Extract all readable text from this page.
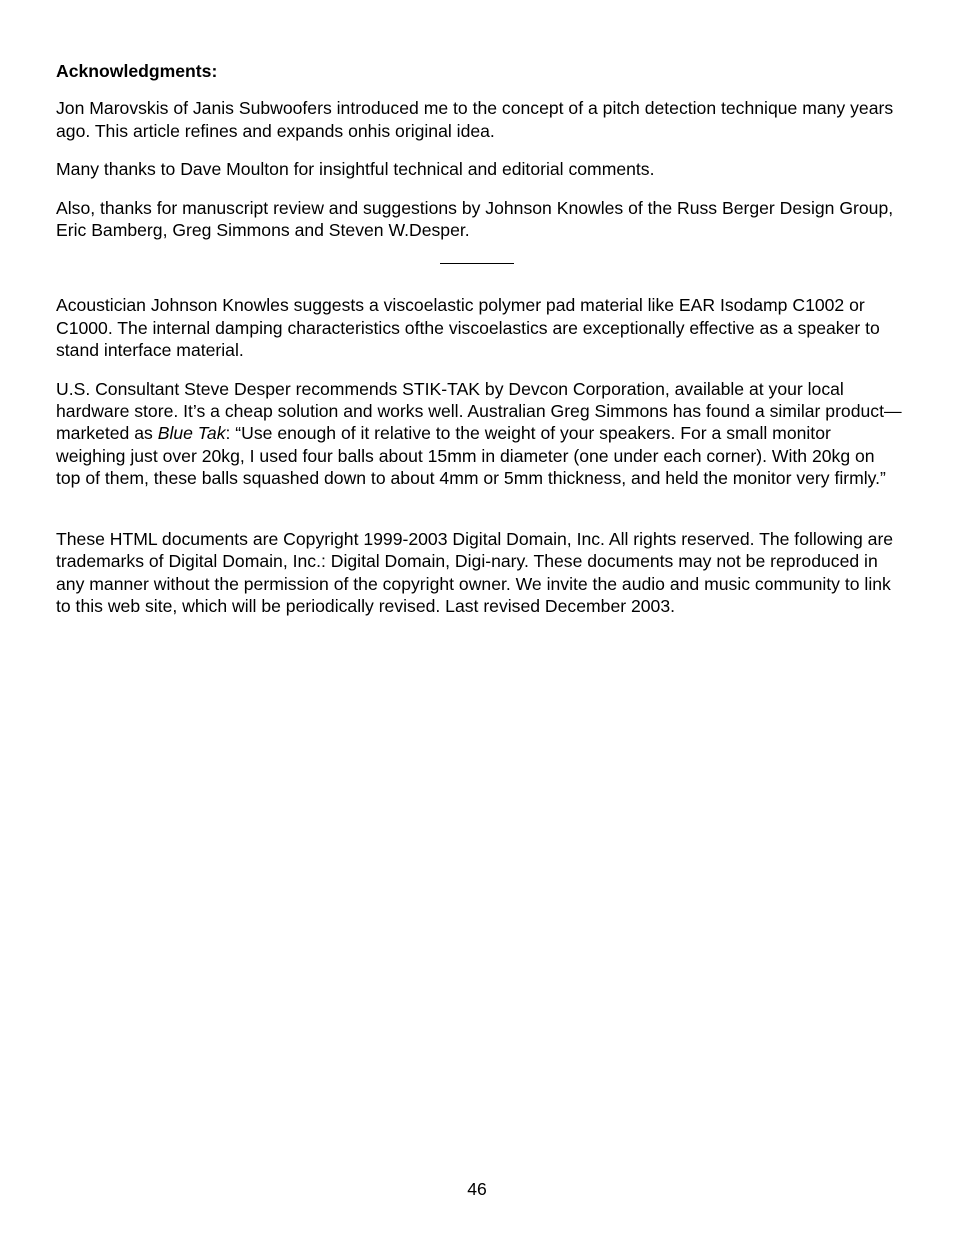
Acknowledgments:

Jon Marovskis of Janis Subwoofers introduced me to the concept of a pitch detection technique many years ago. This article refines and expands onhis original idea.

Many thanks to Dave Moulton for insightful technical and editorial comments.

Also, thanks for manuscript review and suggestions by Johnson Knowles of the Russ Berger Design Group, Eric Bamberg, Greg Simmons and Steven W.Desper.

Acoustician Johnson Knowles suggests a viscoelastic polymer pad material like EAR Isodamp C1002 or C1000. The internal damping characteristics ofthe viscoelastics are exceptionally effective as a speaker to stand interface material.

U.S. Consultant Steve Desper recommends STIK-TAK by Devcon Corporation, available at your local hardware store. It’s a cheap solution and works well. Australian Greg Simmons has found a similar product—marketed as Blue Tak: “Use enough of it relative to the weight of your speakers. For a small monitor weighing just over 20kg, I used four balls about 15mm in diameter (one under each corner). With 20kg on top of them, these balls squashed down to about 4mm or 5mm thickness, and held the monitor very firmly.”

These HTML documents are Copyright 1999-2003 Digital Domain, Inc. All rights reserved. The following are trademarks of Digital Domain, Inc.: Digital Domain, Digi-nary. These documents may not be reproduced in any manner without the permission of the copyright owner. We invite the audio and music community to link to this web site, which will be periodically revised. Last revised December 2003.

46
